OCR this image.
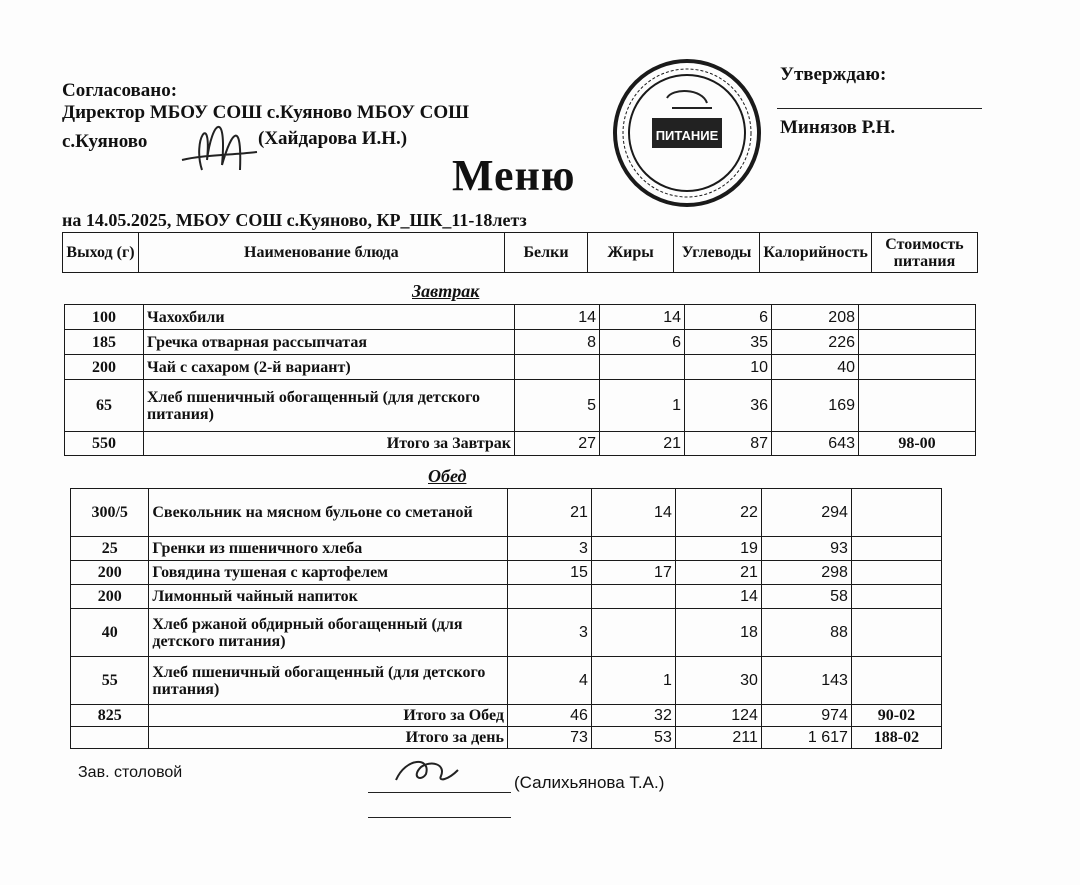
Согласовано:
Директор МБОУ СОШ с.Куяново МБОУ СОШ
с.Куяново	(Хайдарова И.Н.)
Утверждаю:
Минязов Р.Н.
ПИТАНИЕ
Меню
на 14.05.2025, МБОУ СОШ с.Куяново, КР_ШК_11-18летз
Выход (г)	Наименование блюда	Белки	Жиры	Углеводы	Калорийность	Стоимость питания
Завтрак
100	Чахохбили	14	14	6	208	
185	Гречка отварная рассыпчатая	8	6	35	226	
200	Чай с сахаром (2-й вариант)			10	40	
65	Хлеб пшеничный обогащенный (для детского питания)	5	1	36	169	
550	Итого за Завтрак	27	21	87	643	98-00
Обед
300/5	Свекольник на мясном бульоне со сметаной	21	14	22	294	
25	Гренки из пшеничного хлеба	3		19	93	
200	Говядина тушеная с картофелем	15	17	21	298	
200	Лимонный чайный напиток			14	58	
40	Хлеб ржаной обдирный обогащенный (для детского питания)	3		18	88	
55	Хлеб пшеничный обогащенный (для детского питания)	4	1	30	143	
825	Итого за Обед	46	32	124	974	90-02
	Итого за день	73	53	211	1 617	188-02
Зав. столовой
(Салихьянова Т.А.)
